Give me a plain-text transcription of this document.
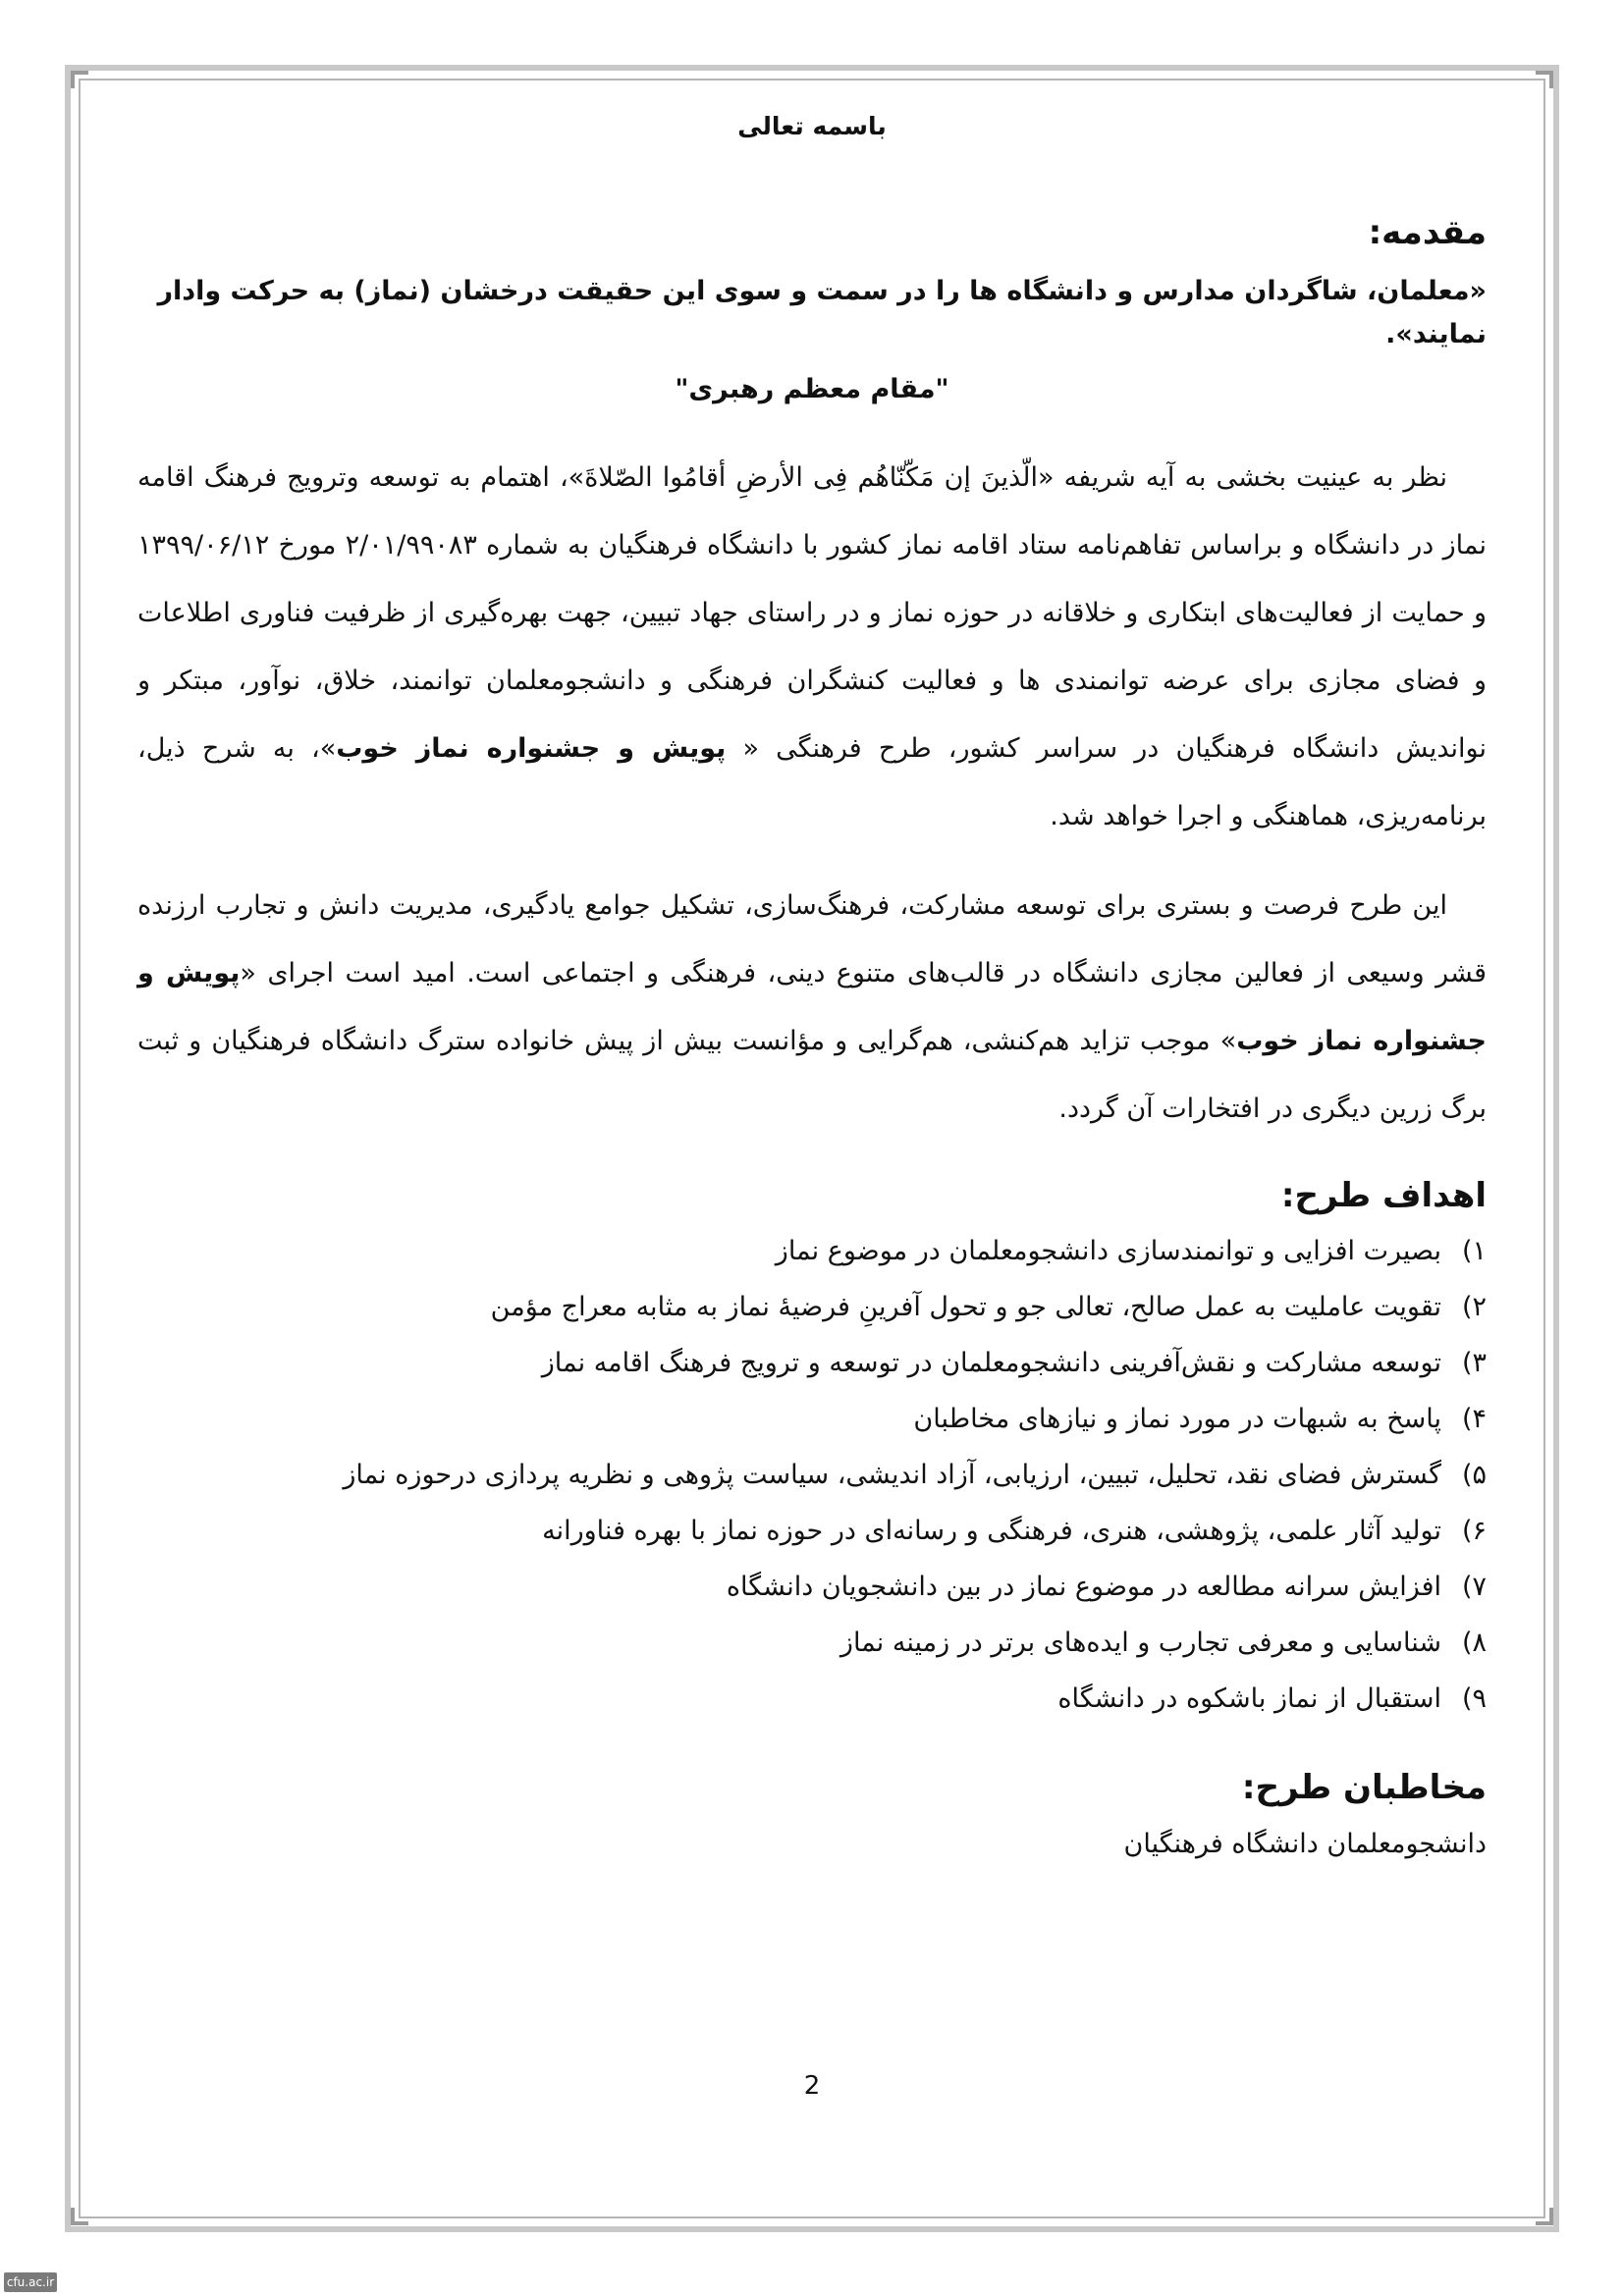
باسمه تعالی
مقدمه:
«معلمان، شاگردان مدارس و دانشگاه ها را در سمت و سوی این حقیقت درخشان (نماز) به حرکت وادار نمایند».
"مقام معظم رهبری"

نظر به عینیت بخشی به آیه شریفه «الّذینَ إن مَکّنّاهُم فِی الأرضِ أقامُوا الصّلاةَ»، اهتمام به توسعه وترویج فرهنگ اقامه نماز در دانشگاه و براساس تفاهم‌نامه ستاد اقامه نماز کشور با دانشگاه فرهنگیان به شماره ۲/۰۱/۹۹۰۸۳ مورخ ۱۳۹۹/۰۶/۱۲ و حمایت از فعالیت‌های ابتکاری و خلاقانه در حوزه نماز و در راستای جهاد تبیین، جهت بهره‌گیری از ظرفیت فناوری اطلاعات و فضای مجازی برای عرضه توانمندی ها و فعالیت کنشگران فرهنگی و دانشجومعلمان توانمند، خلاق، نوآور، مبتکر و نواندیش دانشگاه فرهنگیان در سراسر کشور، طرح فرهنگی « پویش و جشنواره نماز خوب»، به شرح ذیل، برنامه‌ریزی، هماهنگی و اجرا خواهد شد.

این طرح فرصت و بستری برای توسعه مشارکت، فرهنگ‌سازی، تشکیل جوامع یادگیری، مدیریت دانش و تجارب ارزنده قشر وسیعی از فعالین مجازی دانشگاه در قالب‌های متنوع دینی، فرهنگی و اجتماعی است. امید است اجرای «پویش و جشنواره نماز خوب» موجب تزاید هم‌کنشی، هم‌گرایی و مؤانست بیش از پیش خانواده سترگ دانشگاه فرهنگیان و ثبت برگ زرین دیگری در افتخارات آن گردد.

اهداف طرح:
۱)
بصیرت افزایی و توانمندسازی دانشجومعلمان در موضوع نماز
۲)
تقویت عاملیت به عمل صالح، تعالی جو و تحول آفرینِ فرضیهٔ نماز به مثابه معراج مؤمن
۳)
توسعه مشارکت و نقش‌آفرینی دانشجومعلمان در توسعه و ترویج فرهنگ اقامه نماز
۴)
پاسخ به شبهات در مورد نماز و نیازهای مخاطبان
۵)
گسترش فضای نقد، تحلیل، تبیین، ارزیابی، آزاد اندیشی، سیاست پژوهی و نظریه پردازی درحوزه نماز
۶)
تولید آثار علمی، پژوهشی، هنری، فرهنگی و رسانه‌ای در حوزه نماز با بهره فناورانه
۷)
افزایش سرانه مطالعه در موضوع نماز در بین دانشجویان دانشگاه
۸)
شناسایی و معرفی تجارب و ایده‌های برتر در زمینه نماز
۹)
استقبال از نماز باشکوه در دانشگاه
مخاطبان طرح:
دانشجومعلمان دانشگاه فرهنگیان
2
cfu.ac.ir
